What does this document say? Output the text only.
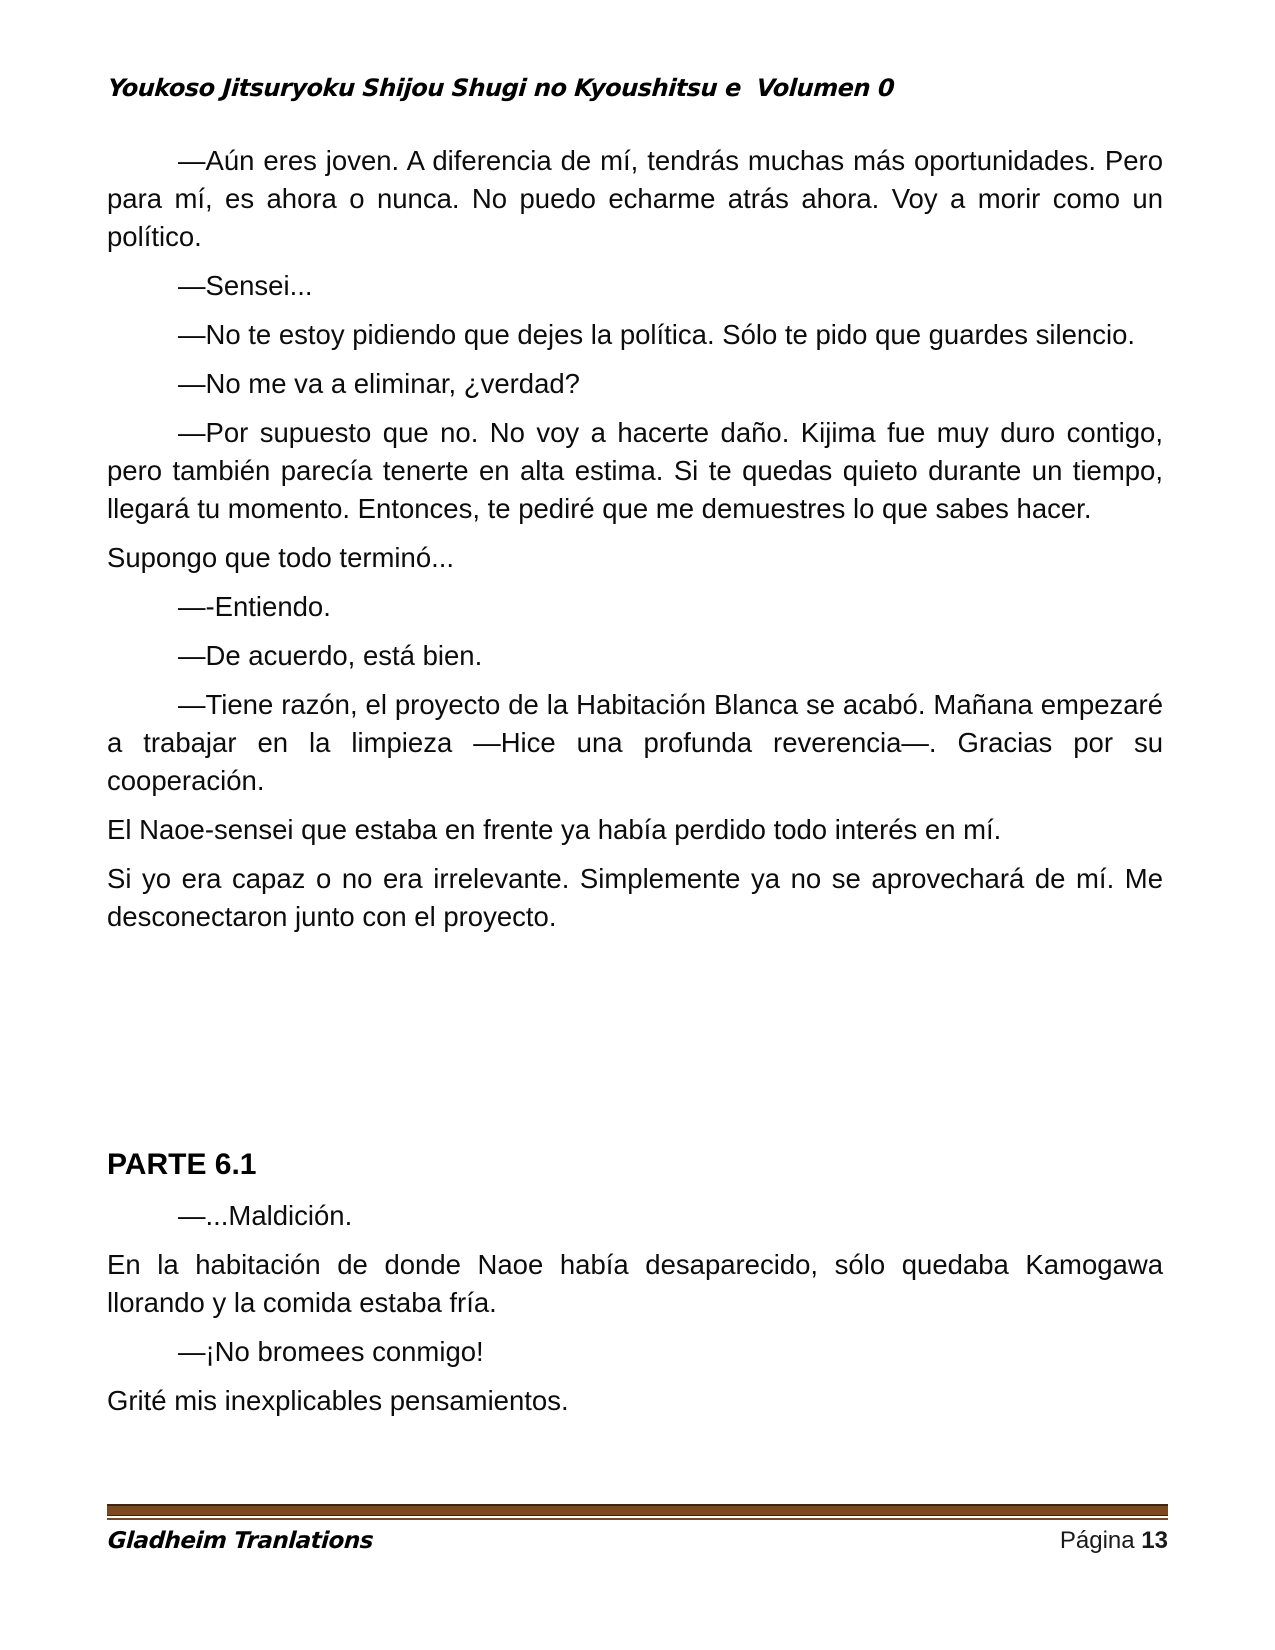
Youkoso Jitsuryoku Shijou Shugi no Kyoushitsu e  Volumen 0

—Aún eres joven. A diferencia de mí, tendrás muchas más oportunidades. Pero para mí, es ahora o nunca. No puedo echarme atrás ahora. Voy a morir como un político.

—Sensei...

—No te estoy pidiendo que dejes la política. Sólo te pido que guardes silencio.

—No me va a eliminar, ¿verdad?

—Por supuesto que no. No voy a hacerte daño. Kijima fue muy duro contigo, pero también parecía tenerte en alta estima. Si te quedas quieto durante un tiempo, llegará tu momento. Entonces, te pediré que me demuestres lo que sabes hacer.

Supongo que todo terminó...

—-Entiendo.

—De acuerdo, está bien.

—Tiene razón, el proyecto de la Habitación Blanca se acabó. Mañana empezaré a trabajar en la limpieza —Hice una profunda reverencia—. Gracias por su cooperación.

El Naoe-sensei que estaba en frente ya había perdido todo interés en mí.

Si yo era capaz o no era irrelevante. Simplemente ya no se aprovechará de mí. Me desconectaron junto con el proyecto.

PARTE 6.1

—...Maldición.

En la habitación de donde Naoe había desaparecido, sólo quedaba Kamogawa llorando y la comida estaba fría.

—¡No bromees conmigo!

Grité mis inexplicables pensamientos.

Gladheim Tranlations	Página 13
